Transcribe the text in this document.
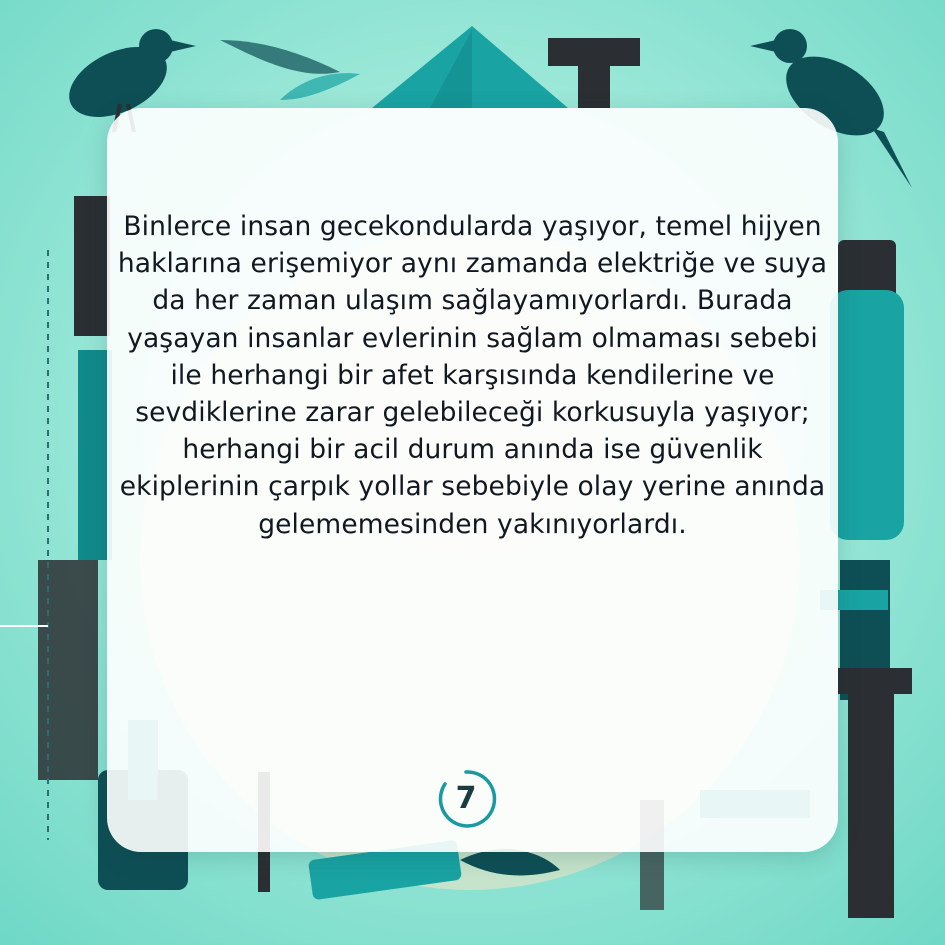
Binlerce insan gecekondularda yaşıyor, temel hijyen haklarına erişemiyor aynı zamanda elektriğe ve suya da her zaman ulaşım sağlayamıyorlardı. Burada yaşayan insanlar evlerinin sağlam olmaması sebebi ile herhangi bir afet karşısında kendilerine ve sevdiklerine zarar gelebileceği korkusuyla yaşıyor; herhangi bir acil durum anında ise güvenlik ekiplerinin çarpık yollar sebebiyle olay yerine anında gelememesinden yakınıyorlardı.

7
